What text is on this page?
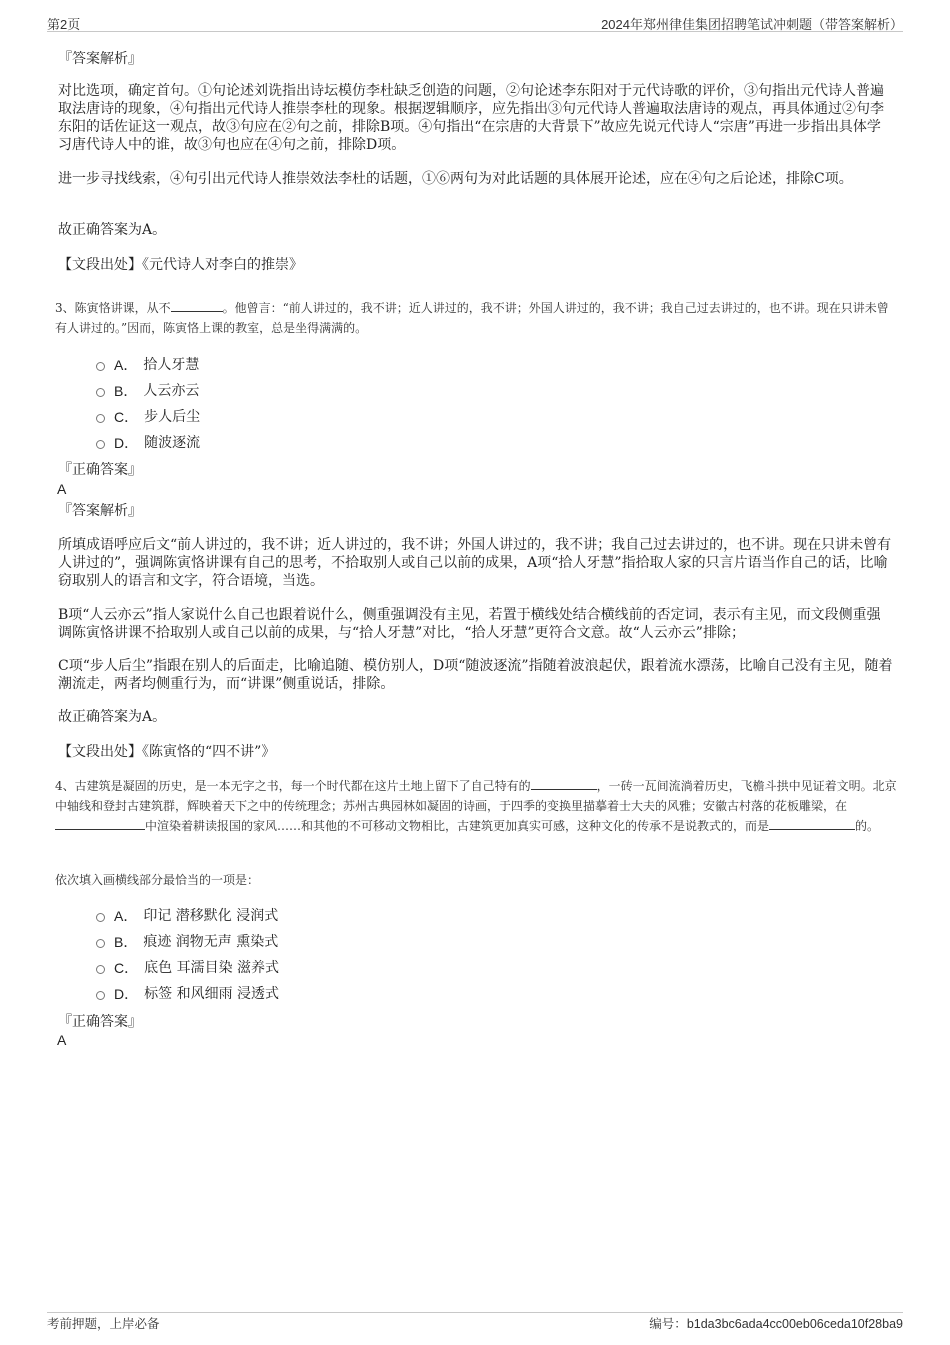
第2页	2024年郑州律佳集团招聘笔试冲刺题（带答案解析）
『答案解析』
对比选项，确定首句。①句论述刘诜指出诗坛模仿李杜缺乏创造的问题，②句论述李东阳对于元代诗歌的评价，③句指出元代诗人普遍取法唐诗的现象，④句指出元代诗人推崇李杜的现象。根据逻辑顺序，应先指出③句元代诗人普遍取法唐诗的观点，再具体通过②句李东阳的话佐证这一观点，故③句应在②句之前，排除B项。④句指出“在宗唐的大背景下”故应先说元代诗人“宗唐”再进一步指出具体学习唐代诗人中的谁，故③句也应在④句之前，排除D项。
进一步寻找线索，④句引出元代诗人推崇效法李杜的话题，①⑥两句为对此话题的具体展开论述，应在④句之后论述，排除C项。
故正确答案为A。
【文段出处】《元代诗人对李白的推崇》
3、陈寅恪讲课，从不	。他曾言：“前人讲过的，我不讲；近人讲过的，我不讲；外国人讲过的，我不讲；我自己过去讲过的，也不讲。现在只讲未曾有人讲过的。”因而，陈寅恪上课的教室，总是坐得满满的。
A． 拾人牙慧
B． 人云亦云
C． 步人后尘
D． 随波逐流
『正确答案』
A
『答案解析』
所填成语呼应后文“前人讲过的，我不讲；近人讲过的，我不讲；外国人讲过的，我不讲；我自己过去讲过的，也不讲。现在只讲未曾有人讲过的”，强调陈寅恪讲课有自己的思考，不拾取别人或自己以前的成果，A项“拾人牙慧”指拾取人家的只言片语当作自己的话，比喻窃取别人的语言和文字，符合语境，当选。
B项“人云亦云”指人家说什么自己也跟着说什么，侧重强调没有主见，若置于横线处结合横线前的否定词，表示有主见，而文段侧重强调陈寅恪讲课不拾取别人或自己以前的成果，与“拾人牙慧”对比，“拾人牙慧”更符合文意。故“人云亦云”排除；
C项“步人后尘”指跟在别人的后面走，比喻追随、模仿别人，D项“随波逐流”指随着波浪起伏，跟着流水漂荡，比喻自己没有主见，随着潮流走，两者均侧重行为，而“讲课”侧重说话，排除。
故正确答案为A。
【文段出处】《陈寅恪的“四不讲”》
4、古建筑是凝固的历史，是一本无字之书，每一个时代都在这片土地上留下了自己特有的	，一砖一瓦间流淌着历史，飞檐斗拱中见证着文明。北京中轴线和登封古建筑群，辉映着天下之中的传统理念；苏州古典园林如凝固的诗画，于四季的变换里描摹着士大夫的风雅；安徽古村落的花板雕梁，在中渲染着耕读报国的家风……和其他的不可移动文物相比，古建筑更加真实可感，这种文化的传承不是说教式的，而是	的。
依次填入画横线部分最恰当的一项是：
A． 印记 潜移默化 浸润式
B． 痕迹 润物无声 熏染式
C． 底色 耳濡目染 滋养式
D． 标签 和风细雨 浸透式
『正确答案』
A
考前押题，上岸必备	编号：b1da3bc6ada4cc00eb06ceda10f28ba9
